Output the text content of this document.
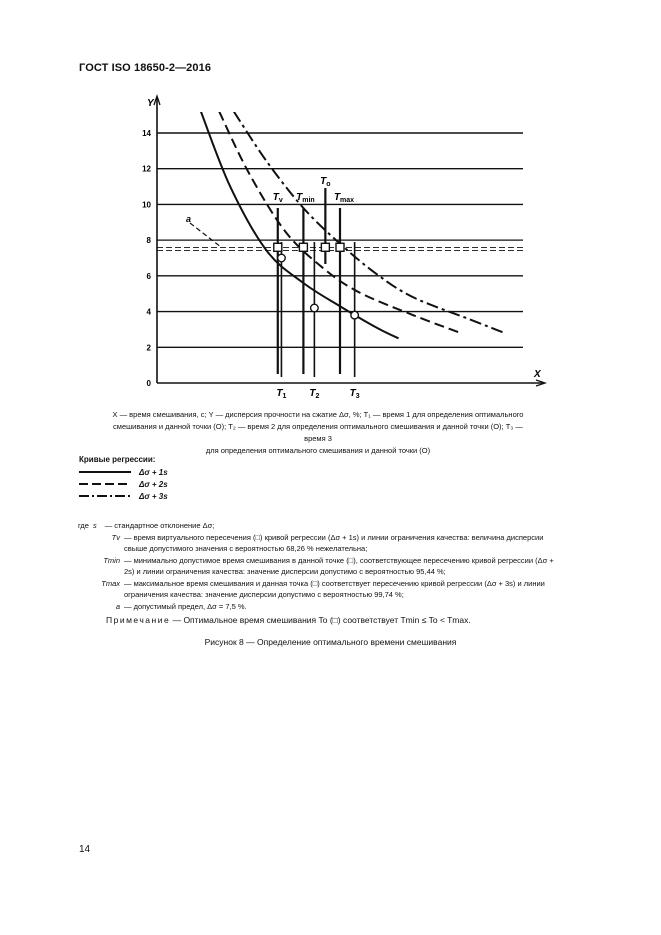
ГОСТ ISO 18650-2—2016
0
2
4
6
8
10
12
14
Y
X
a
$T_v$ $T_{min}$
$T_o$
$T_{max}$
$T_1$ $T_2$	$T_3$
X — время смешивания, с; Y — дисперсия прочности на сжатие Δσ, %; T₁ — время 1 для определения оптимального
смешивания и данной точки (O); T₂ — время 2 для определения оптимального смешивания и данной точки (O); T₃ — время 3
для определения оптимального смешивания и данной точки (O)
Кривые регрессии:
Δσ + 1s
Δσ + 2s
Δσ + 3s
где s	— стандартное отклонение Δσ;
Tv — время виртуального пересечения (□) кривой регрессии (Δσ + 1s) и линии ограничения качества: величина дисперсии свыше допустимого значения с вероятностью 68,26 % нежелательна;
Tmin — минимально допустимое время смешивания в данной точке (□), соответствующее пересечению кривой регрессии (Δσ + 2s) и линии ограничения качества: значение дисперсии допустимо с вероятностью 95,44 %;
Tmax — максимальное время смешивания и данная точка (□) соответствует пересечению кривой регрессии (Δσ + 3s) и линии ограничения качества: значение дисперсии допустимо с вероятностью 99,74 %;
a — допустимый предел, Δσ = 7,5 %.
Примечание — Оптимальное время смешивания To (□) соответствует Tmin ≤ To < Tmax.
Рисунок 8 — Определение оптимального времени смешивания
14
